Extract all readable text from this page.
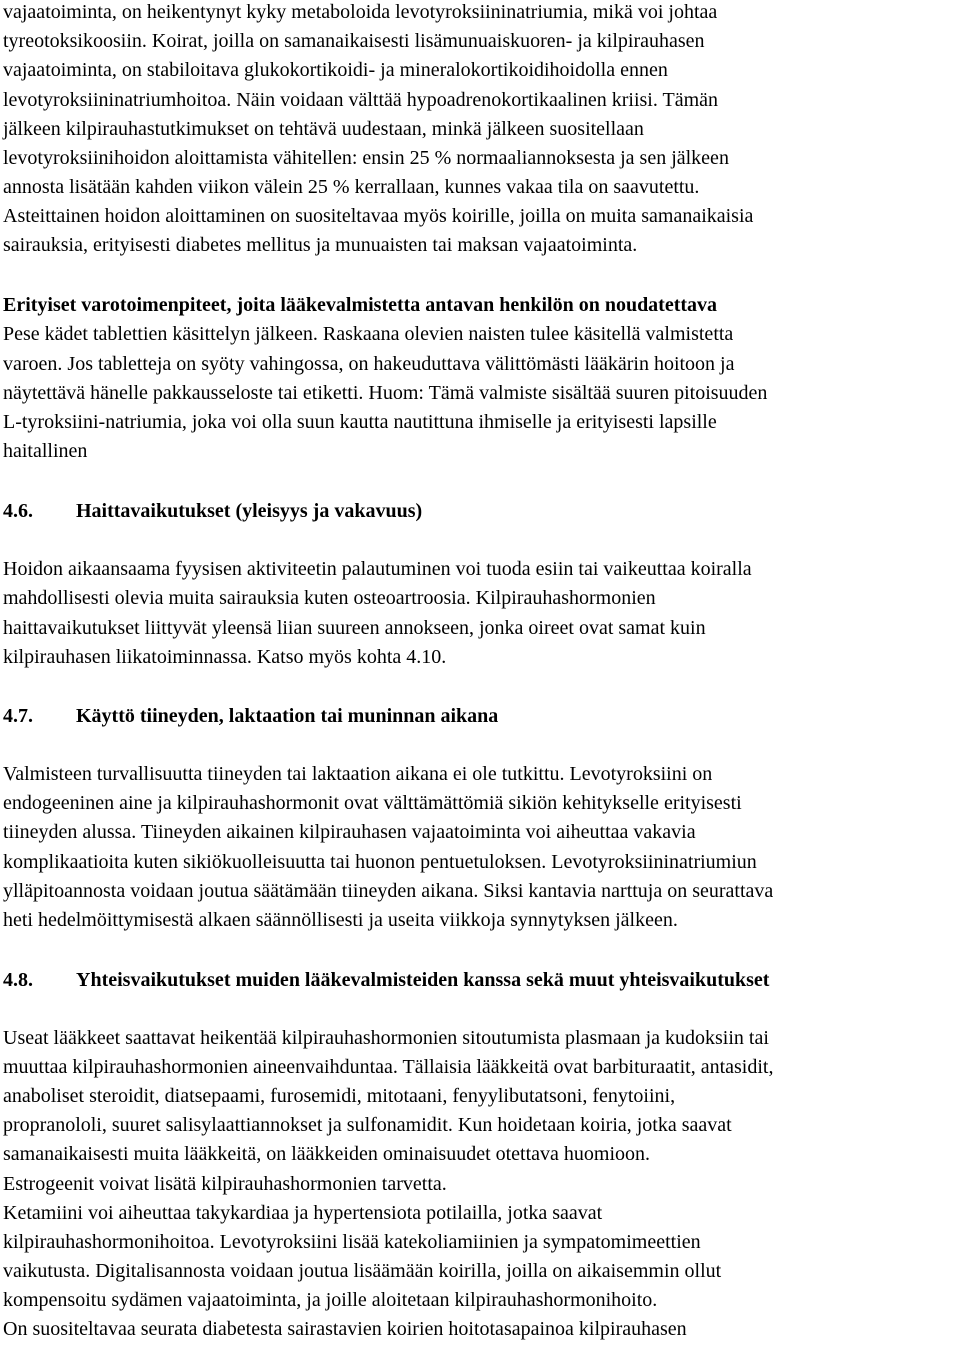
vajaatoiminta, on heikentynyt kyky metaboloida levotyroksiininatriumia, mikä voi johtaa
tyreotoksikoosiin. Koirat, joilla on samanaikaisesti lisämunuaiskuoren- ja kilpirauhasen
vajaatoiminta, on stabiloitava glukokortikoidi- ja mineralokortikoidihoidolla ennen
levotyroksiininatriumhoitoa. Näin voidaan välttää hypoadrenokortikaalinen kriisi. Tämän
jälkeen kilpirauhastutkimukset on tehtävä uudestaan, minkä jälkeen suositellaan
levotyroksiinihoidon aloittamista vähitellen: ensin 25 % normaaliannoksesta ja sen jälkeen
annosta lisätään kahden viikon välein 25 % kerrallaan, kunnes vakaa tila on saavutettu.
Asteittainen hoidon aloittaminen on suositeltavaa myös koirille, joilla on muita samanaikaisia
sairauksia, erityisesti diabetes mellitus ja munuaisten tai maksan vajaatoiminta.
Erityiset varotoimenpiteet, joita lääkevalmistetta antavan henkilön on noudatettava
Pese kädet tablettien käsittelyn jälkeen. Raskaana olevien naisten tulee käsitellä valmistetta
varoen. Jos tabletteja on syöty vahingossa, on hakeuduttava välittömästi lääkärin hoitoon ja
näytettävä hänelle pakkausseloste tai etiketti. Huom: Tämä valmiste sisältää suuren pitoisuuden
L-tyroksiini-natriumia, joka voi olla suun kautta nautittuna ihmiselle ja erityisesti lapsille
haitallinen
4.6. Haittavaikutukset (yleisyys ja vakavuus)
Hoidon aikaansaama fyysisen aktiviteetin palautuminen voi tuoda esiin tai vaikeuttaa koiralla
mahdollisesti olevia muita sairauksia kuten osteoartroosia. Kilpirauhashormonien
haittavaikutukset liittyvät yleensä liian suureen annokseen, jonka oireet ovat samat kuin
kilpirauhasen liikatoiminnassa. Katso myös kohta 4.10.
4.7. Käyttö tiineyden, laktaation tai muninnan aikana
Valmisteen turvallisuutta tiineyden tai laktaation aikana ei ole tutkittu. Levotyroksiini on
endogeeninen aine ja kilpirauhashormonit ovat välttämättömiä sikiön kehitykselle erityisesti
tiineyden alussa. Tiineyden aikainen kilpirauhasen vajaatoiminta voi aiheuttaa vakavia
komplikaatioita kuten sikiökuolleisuutta tai huonon pentuetuloksen. Levotyroksiininatriumiun
ylläpitoannosta voidaan joutua säätämään tiineyden aikana. Siksi kantavia narttuja on seurattava
heti hedelmöittymisestä alkaen säännöllisesti ja useita viikkoja synnytyksen jälkeen.
4.8. Yhteisvaikutukset muiden lääkevalmisteiden kanssa sekä muut yhteisvaikutukset
Useat lääkkeet saattavat heikentää kilpirauhashormonien sitoutumista plasmaan ja kudoksiin tai
muuttaa kilpirauhashormonien aineenvaihduntaa. Tällaisia lääkkeitä ovat barbituraatit, antasidit,
anaboliset steroidit, diatsepaami, furosemidi, mitotaani, fenyylibutatsoni, fenytoiini,
propranololi, suuret salisylaattiannokset ja sulfonamidit. Kun hoidetaan koiria, jotka saavat
samanaikaisesti muita lääkkeitä, on lääkkeiden ominaisuudet otettava huomioon.
Estrogeenit voivat lisätä kilpirauhashormonien tarvetta.
Ketamiini voi aiheuttaa takykardiaa ja hypertensiota potilailla, jotka saavat
kilpirauhashormonihoitoa. Levotyroksiini lisää katekoliamiinien ja sympatomimeettien
vaikutusta. Digitalisannosta voidaan joutua lisäämään koirilla, joilla on aikaisemmin ollut
kompensoitu sydämen vajaatoiminta, ja joille aloitetaan kilpirauhashormonihoito.
On suositeltavaa seurata diabetesta sairastavien koirien hoitotasapainoa kilpirauhasen
